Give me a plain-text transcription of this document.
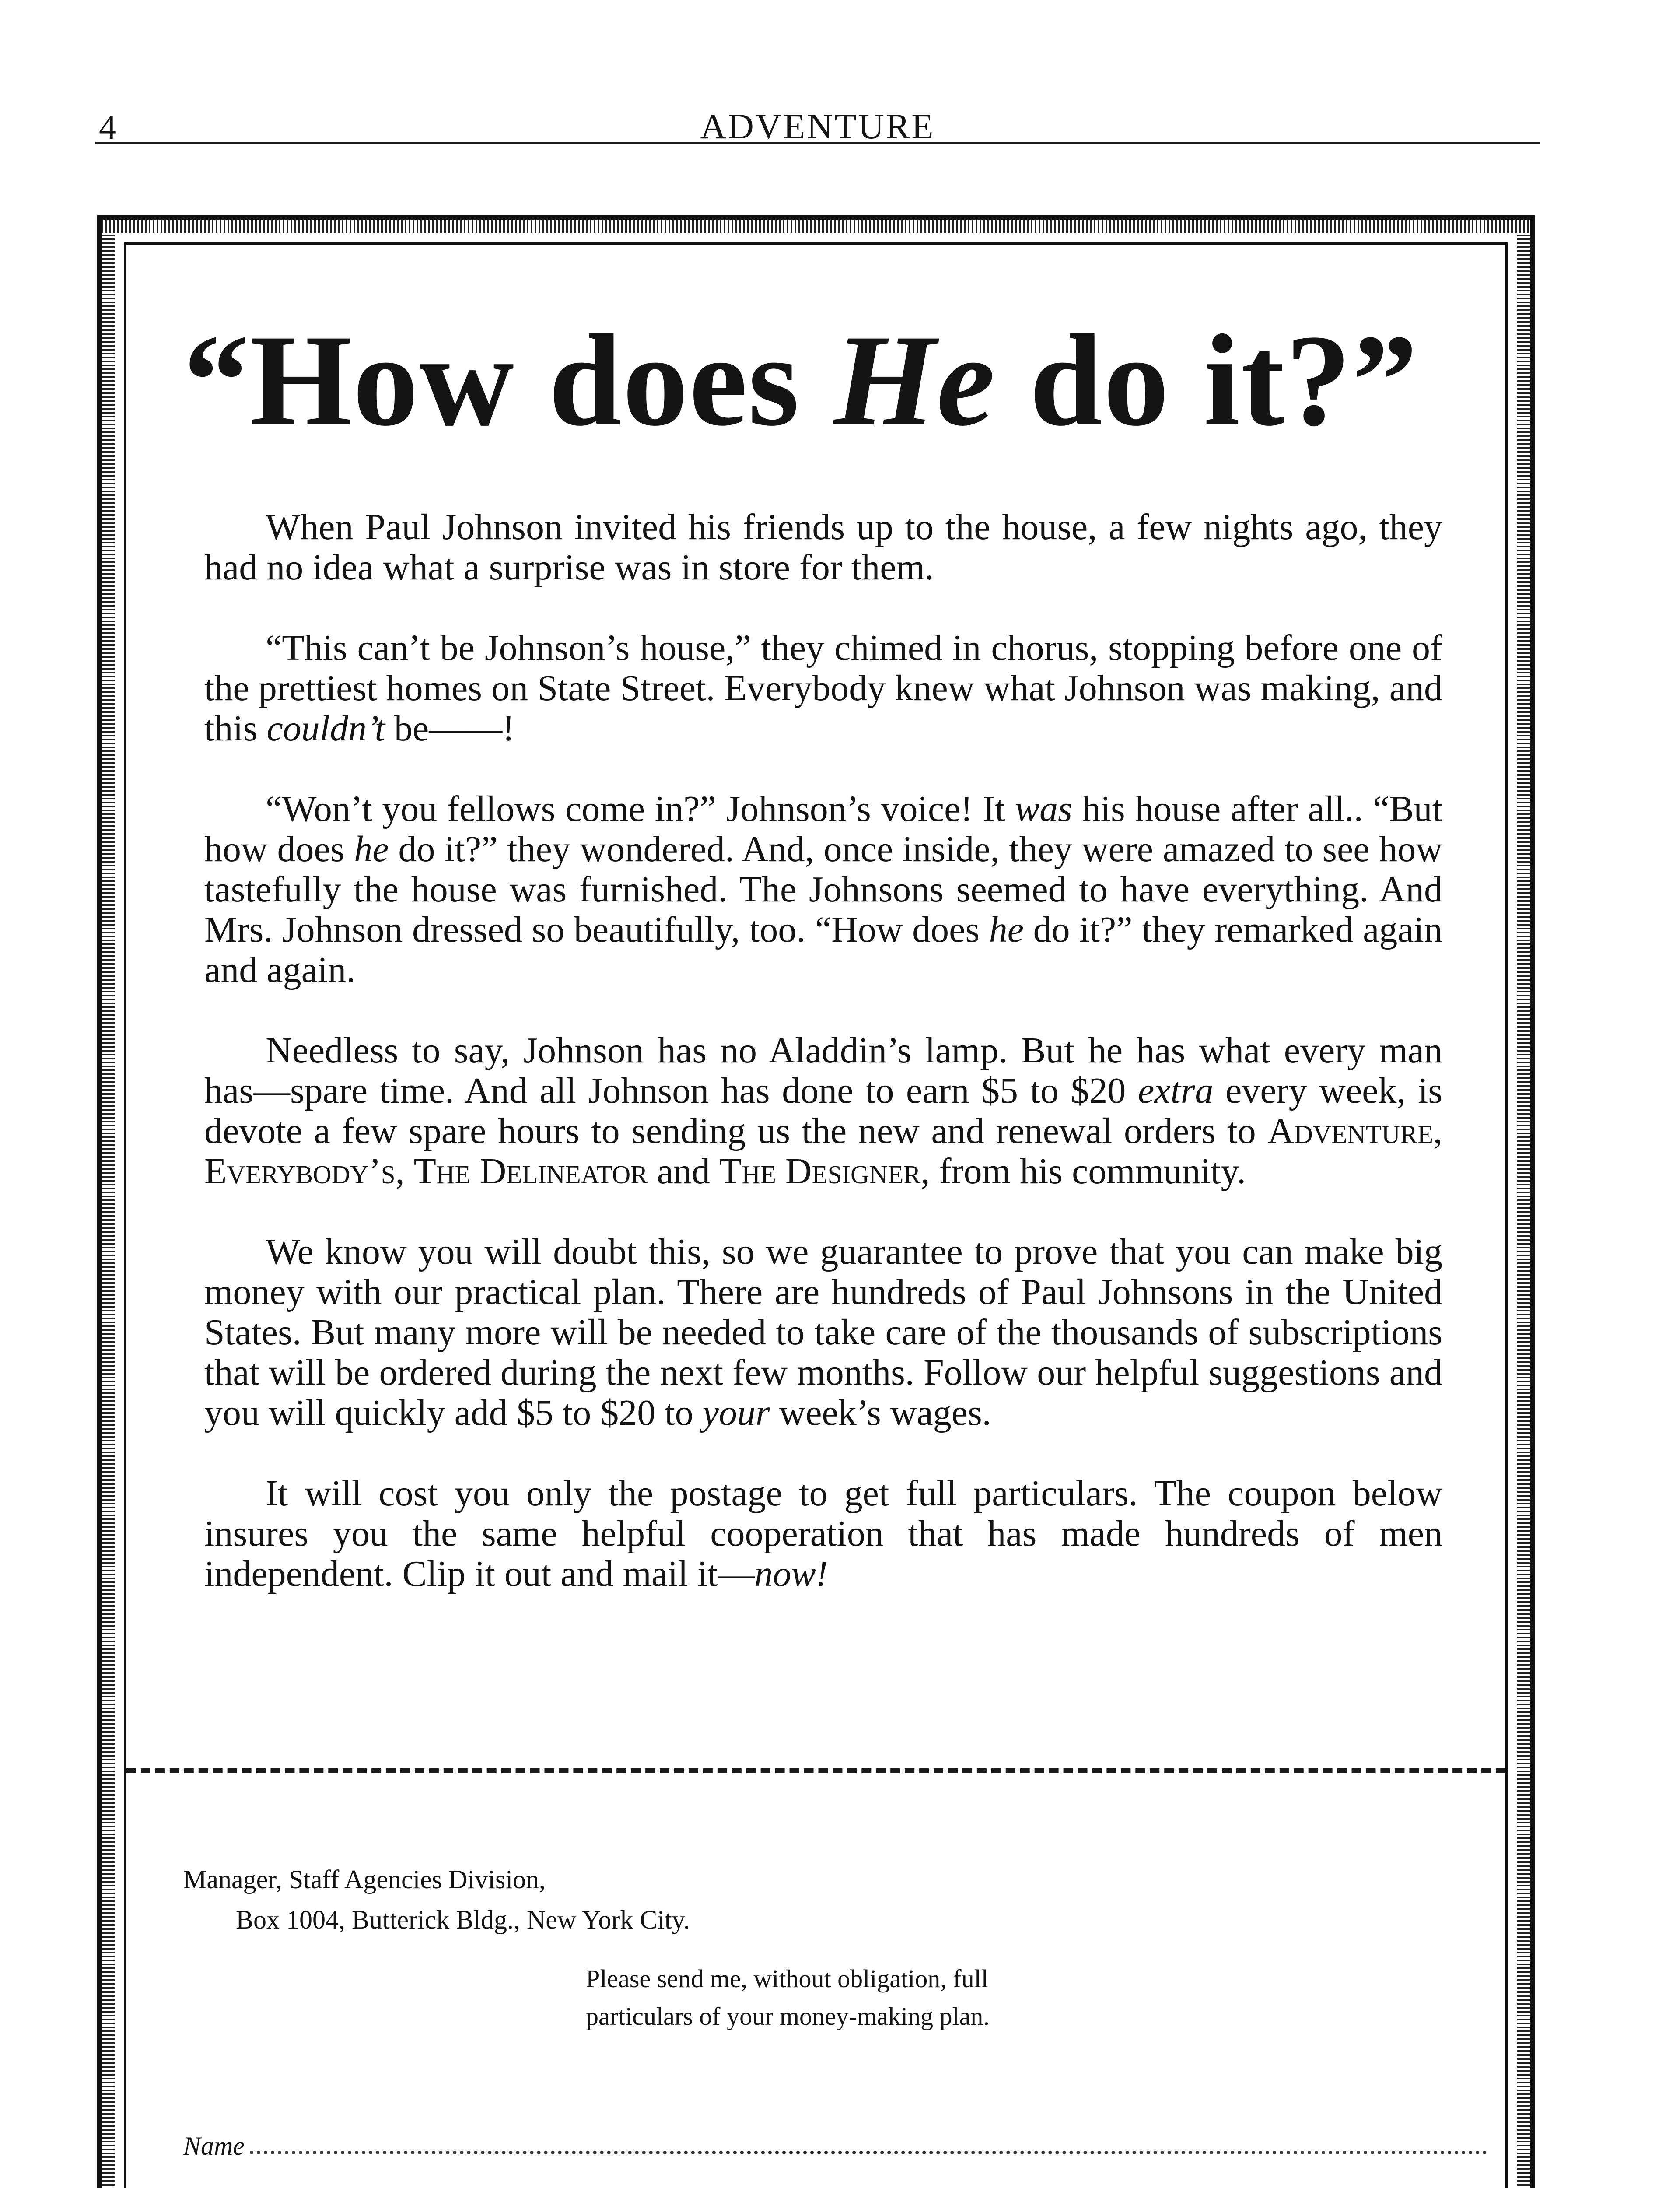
4	ADVENTURE
“How does He do it?”

When Paul Johnson invited his friends up to the house, a few nights ago, they had no idea what a surprise was in store for them.

“This can’t be Johnson’s house,” they chimed in chorus, stopping before one of the prettiest homes on State Street. Everybody knew what Johnson was making, and this couldn’t be——!

“Won’t you fellows come in?” Johnson’s voice! It was his house after all.. “But how does he do it?” they wondered. And, once inside, they were amazed to see how tastefully the house was furnished. The Johnsons seemed to have everything. And Mrs. Johnson dressed so beautifully, too. “How does he do it?” they remarked again and again.

Needless to say, Johnson has no Aladdin’s lamp. But he has what every man has—spare time. And all Johnson has done to earn $5 to $20 extra every week, is devote a few spare hours to sending us the new and renewal orders to Adventure, Everybody’s, The Delineator and The Designer, from his community.

We know you will doubt this, so we guarantee to prove that you can make big money with our practical plan. There are hundreds of Paul Johnsons in the United States. But many more will be needed to take care of the thousands of subscriptions that will be ordered during the next few months. Follow our helpful suggestions and you will quickly add $5 to $20 to your week’s wages.

It will cost you only the postage to get full particulars. The coupon below insures you the same helpful cooperation that has made hundreds of men independent. Clip it out and mail it—now!

Manager, Staff Agencies Division,
Box 1004, Butterick Bldg., New York City.
Please send me, without obligation, full
particulars of your money-making plan.
Name
